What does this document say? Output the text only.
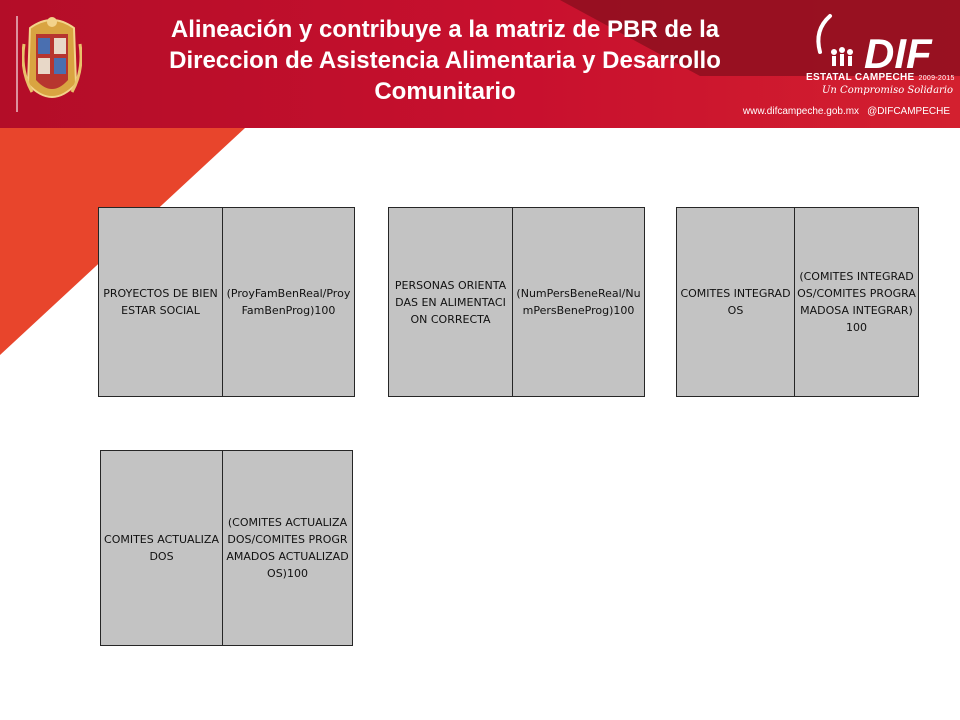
Alineación y contribuye a la matriz de PBR de la Direccion de Asistencia Alimentaria y Desarrollo Comunitario
DIF
ESTATAL CAMPECHE 2009-2015
Un Compromiso Solidario
www.difcampeche.gob.mx @DIFCAMPECHE
PROYECTOS DE BIENESTAR SOCIAL
(ProyFamBenReal/ProyFamBenProg)100
PERSONAS ORIENTADAS EN ALIMENTACION CORRECTA
(NumPersBeneReal/NumPersBeneProg)100
COMITES INTEGRADOS
(COMITES INTEGRADOS/COMITES PROGRAMADOSA INTEGRAR)100
COMITES ACTUALIZADOS
(COMITES ACTUALIZADOS/COMITES PROGRAMADOS ACTUALIZADOS)100
